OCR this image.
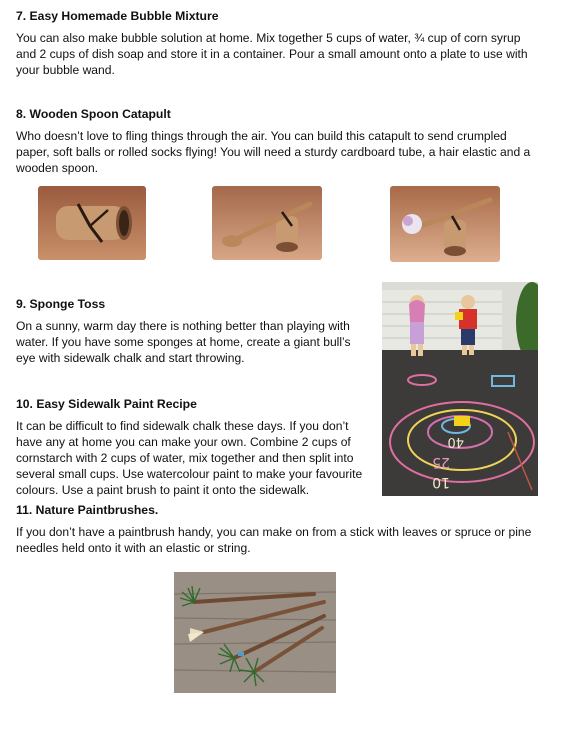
7. Easy Homemade Bubble Mixture

You can also make bubble solution at home. Mix together 5 cups of water, ¾ cup of corn syrup

and 2 cups of dish soap and store it in a container. Pour a small amount onto a plate to use with

your bubble wand.

8. Wooden Spoon Catapult

Who doesn’t love to fling things through the air. You can build this catapult to send crumpled

paper, soft balls or rolled socks flying! You will need a sturdy cardboard tube, a hair elastic and a

wooden spoon.

9. Sponge Toss

On a sunny, warm day there is nothing better than playing with

water. If you have some sponges at home, create a giant bull’s

eye with sidewalk chalk and start throwing.

40
25
10

10. Easy Sidewalk Paint Recipe

It can be difficult to find sidewalk chalk these days. If you don’t

have any at home you can make your own. Combine 2 cups of

cornstarch with 2 cups of water, mix together and then split into

several small cups. Use watercolour paint to make your favourite

colours. Use a paint brush to paint it onto the sidewalk.

11. Nature Paintbrushes.

If you don’t have a paintbrush handy, you can make on from a stick with leaves or spruce or pine

needles held onto it with an elastic or string.
